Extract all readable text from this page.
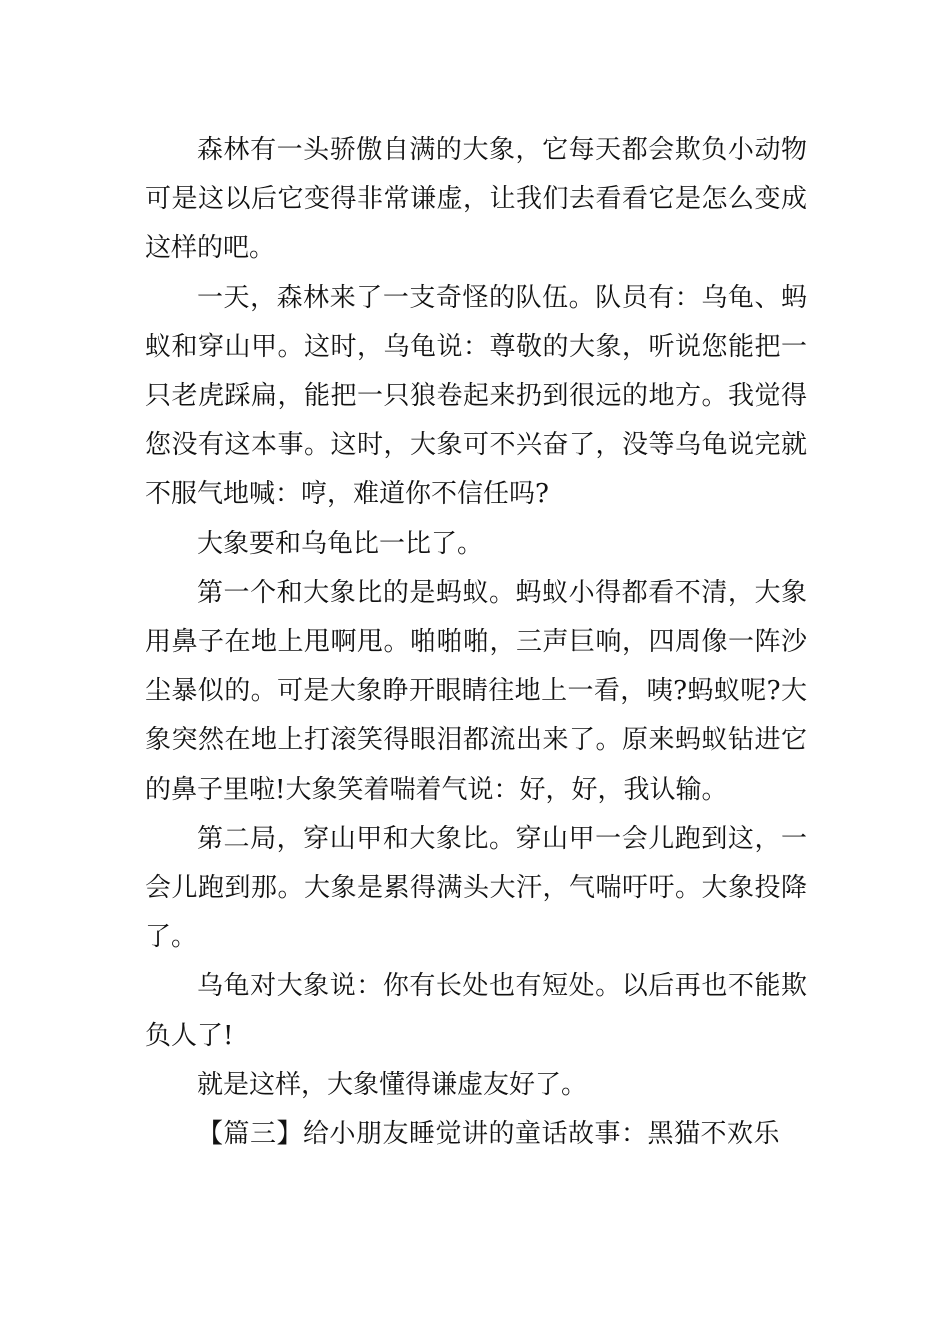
森林有一头骄傲自满的大象，它每天都会欺负小动物可是这以后它变得非常谦虚，让我们去看看它是怎么变成这样的吧。

一天，森林来了一支奇怪的队伍。队员有：乌龟、蚂蚁和穿山甲。这时，乌龟说：尊敬的大象，听说您能把一只老虎踩扁，能把一只狼卷起来扔到很远的地方。我觉得您没有这本事。这时，大象可不兴奋了，没等乌龟说完就不服气地喊：哼，难道你不信任吗?

大象要和乌龟比一比了。

第一个和大象比的是蚂蚁。蚂蚁小得都看不清，大象用鼻子在地上甩啊甩。啪啪啪，三声巨响，四周像一阵沙尘暴似的。可是大象睁开眼睛往地上一看，咦?蚂蚁呢?大象突然在地上打滚笑得眼泪都流出来了。原来蚂蚁钻进它的鼻子里啦!大象笑着喘着气说：好，好，我认输。

第二局，穿山甲和大象比。穿山甲一会儿跑到这，一会儿跑到那。大象是累得满头大汗，气喘吁吁。大象投降了。

乌龟对大象说：你有长处也有短处。以后再也不能欺负人了!

就是这样，大象懂得谦虚友好了。

【篇三】给小朋友睡觉讲的童话故事：黑猫不欢乐
